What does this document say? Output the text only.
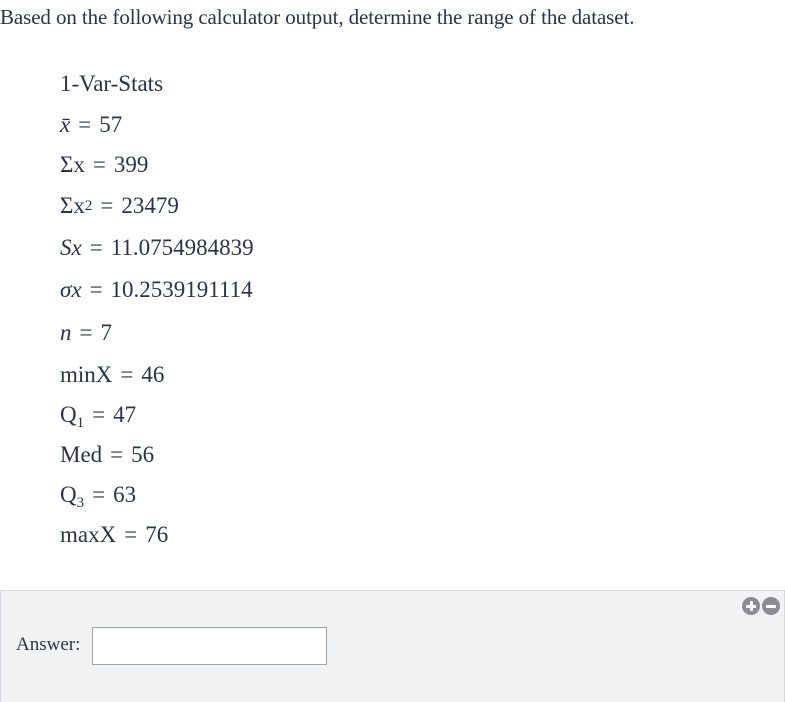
Based on the following calculator output, determine the range of the dataset.
1-Var-Stats
x̄ = 57
Σx = 399
$\Sigma x^2 = 23479$
Sx = 11.0754984839
σx = 10.2539191114
n = 7
minX = 46
$Q_1 = 47$
Med = 56
$Q_3 = 63$
maxX = 76
Answer:
